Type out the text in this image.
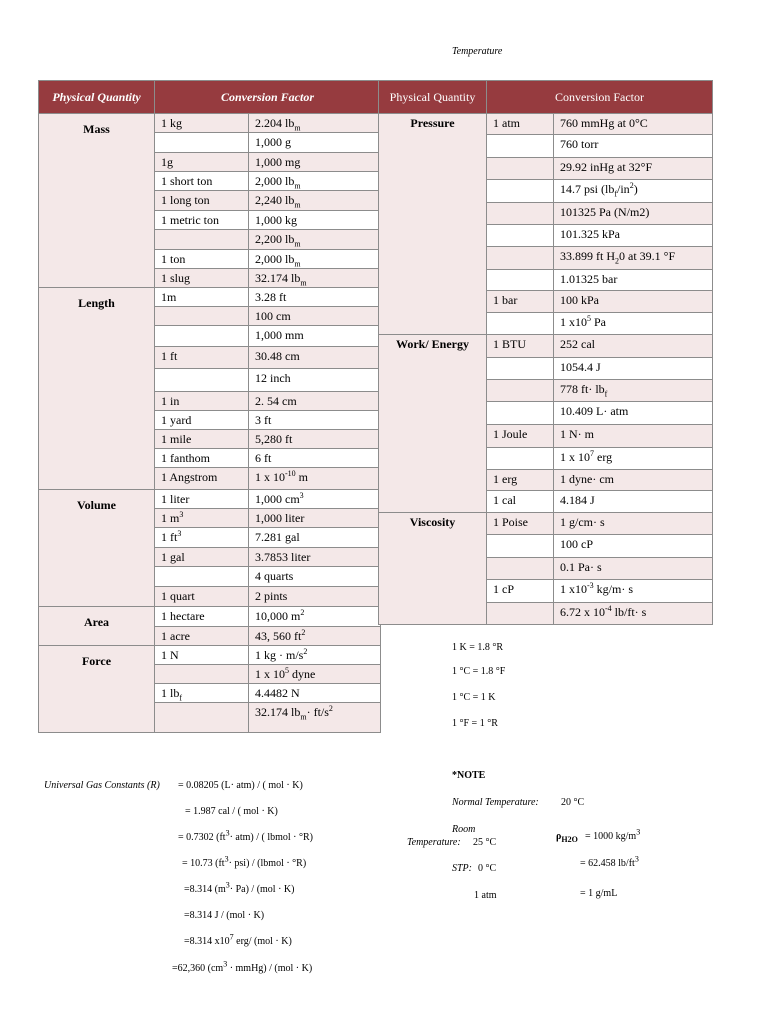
Temperature
Physical Quantity	Conversion Factor	
Mass	1 kg	2.204 $lb_m$
		1,000 g
	1g	1,000 mg
	1 short ton	2,000 $lb_m$
	1 long ton	2,240 $lb_m$
	1 metric ton	1,000 kg
		2,200 $lb_m$
	1 ton	2,000 $lb_m$
	1 slug	32.174 $lb_m$
Length	1m	3.28 ft
		100 cm
		1,000 mm
	1 ft	30.48 cm
		12 inch
	1 in	2. 54 cm
	1 yard	3 ft
	1 mile	5,280 ft
	1 fanthom	6 ft
	1 Angstrom	1 x $10^{-10}$ m
Volume	1 liter	1,000 $cm^3$
	1 $m^3$	1,000 liter
	1 $ft^3$	7.281 gal
	1 gal	3.7853 liter
		4 quarts
	1 quart	2 pints
Area	1 hectare	10,000 $m^2$
	1 acre	43, 560 $ft^2$
Force	1 N	1 kg · $m/s^2$
		1 x $10^5$ dyne
	1 $lb_f$	4.4482 N
		32.174 $lb_m\cdot ft/s^2$
Physical Quantity	Conversion Factor	
Pressure	1 atm	760 mmHg at 0°C
		760 torr
		29.92 inHg at 32°F
		14.7 psi $(lb_f/in^2)$
		101325 Pa (N/m2)
		101.325 kPa
		33.899 ft $H_20$ at 39.1 °F
		1.01325 bar
	1 bar	100 kPa
		1 $x10^5$ Pa
Work/ Energy	1 BTU	252 cal
		1054.4 J
		778 $ft\cdot lb_f$
		10.409 L· atm
	1 Joule	1 N· m
		1 x $10^7$ erg
	1 erg	1 dyne· cm
	1 cal	4.184 J
Viscosity	1 Poise	1 g/cm· s
		100 cP
		0.1 Pa· s
	1 cP	1 $x10^{-3}$ kg/m· s
		6.72 x $10^{-4}$ lb/ft· s
1 K = 1.8 °R
1 °C = 1.8 °F
1 °C = 1 K
1 °F = 1 °R
Universal Gas Constants (R) = 0.08205 (L· atm) / ( mol · K)
= 1.987 cal / ( mol · K)
= 0.7302 $(ft^3\cdot atm)$ / ( lbmol · °R)
= 10.73 $(ft^3\cdot psi)$ / (lbmol · °R)
=8.314 $(m^3\cdot Pa) / (mol \cdot K)$
=8.314 J / (mol · K)
=8.314 $x10^7$ erg/ (mol · K)
=62,360 ($cm^3$ · mmHg) / (mol · K)
*NOTE
Normal Temperature: 20 °C
Room
Temperature: 25 °C
STP: 0 °C
1 atm
$\rho_{H2O} = 1000$ $kg/m^3$
= 62.458 $lb/ft^3$
= 1 g/mL
